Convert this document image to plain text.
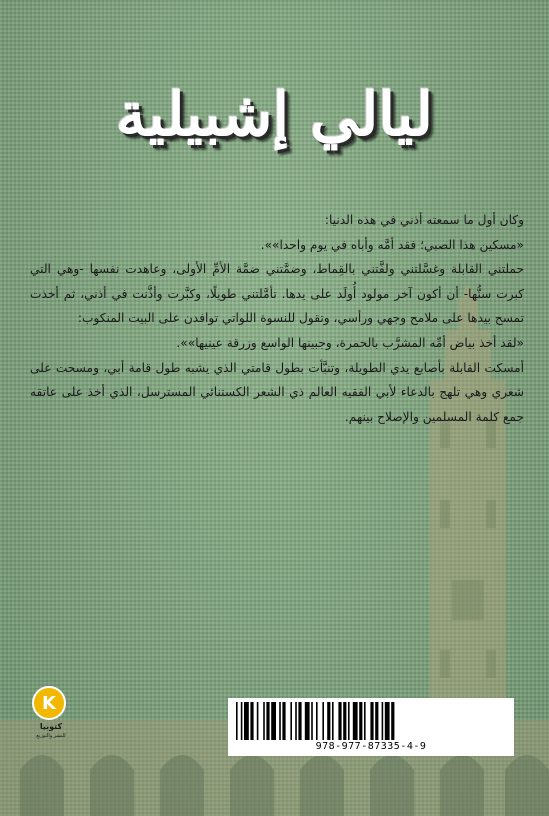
ليالي إشبيلية

وكان أول ما سمعته أذني في هذه الدنيا:

«مسكين هذا الصبي؛ فقد أمَّه وأباه في يوم واحدا»».

حملتني القابلة وغسَّلتني ولفَّتني بالقِماط، وضمَّتني ضمَّة الأمِّ الأولى، وعاهدت نفسها -وهي التي كبرت سنُّها- أن أكون آخر مولود أُولَد على يدها. تأمَّلتني طويلًا، وكبَّرت وأذَّنت في أذني، ثم أخذت تمسح بيدها على ملامح وجهي ورأسي، وتقول للنسوة اللواتي توافدن على البيت المنكوب:

«لقد أخذ بياض أمِّه المشرَّب بالحمرة، وجبينها الواسع وزرقة عينيها»».

أمسكت القابلة بأصابع يدي الطويلة، وتنبَّأت بطول قامتي الذي يشبه طول قامة أبي، ومسحت على شعري وهي تلهج بالدعاء لأبي الفقيه العالم ذي الشعر الكستنائي المسترسل، الذي أخذ على عاتقه جمع كلمة المسلمين والإصلاح بينهم.

K
كتوبيا
للنشر والتوزيع
978-977-87335-4-9
